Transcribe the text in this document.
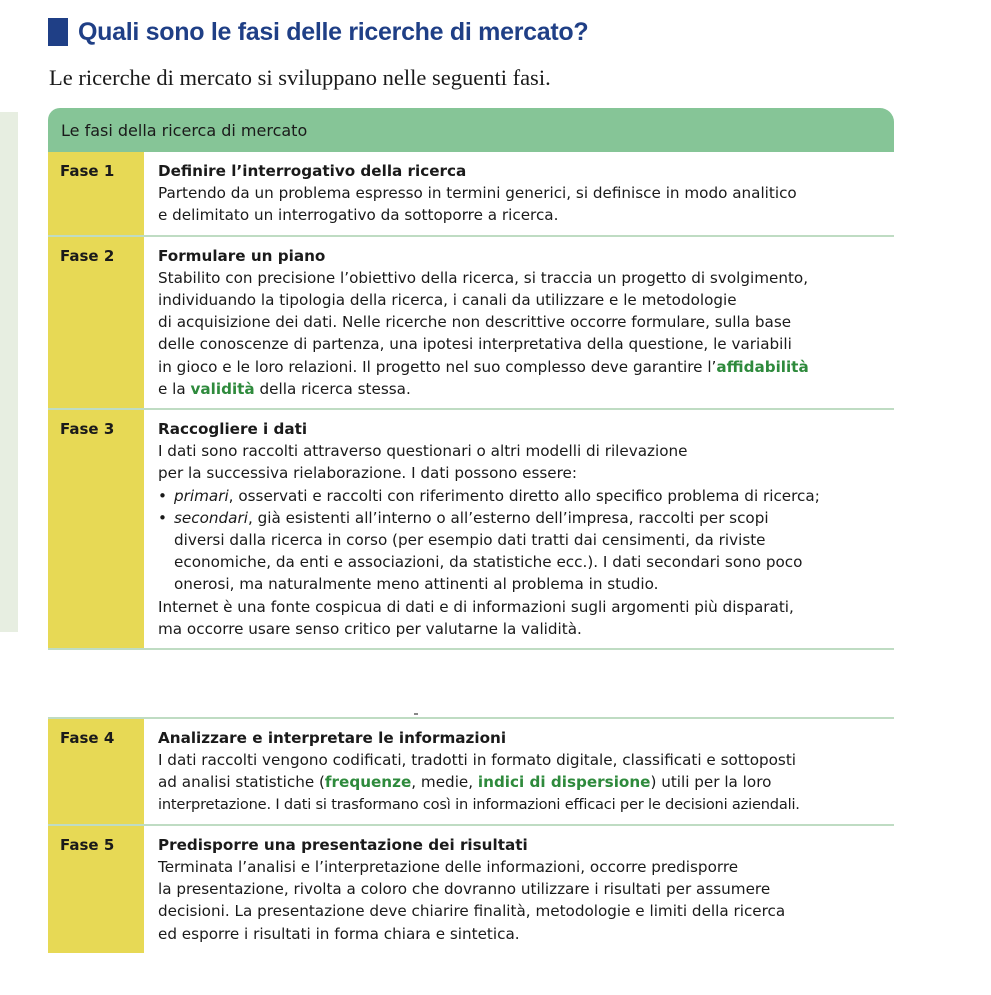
Quali sono le fasi delle ricerche di mercato?
Le ricerche di mercato si sviluppano nelle seguenti fasi.
Le fasi della ricerca di mercato
Fase 1	Definire l’interrogativo della ricerca
Partendo da un problema espresso in termini generici, si definisce in modo analitico
e delimitato un interrogativo da sottoporre a ricerca.
Fase 2	Formulare un piano
Stabilito con precisione l’obiettivo della ricerca, si traccia un progetto di svolgimento,
individuando la tipologia della ricerca, i canali da utilizzare e le metodologie
di acquisizione dei dati. Nelle ricerche non descrittive occorre formulare, sulla base
delle conoscenze di partenza, una ipotesi interpretativa della questione, le variabili
in gioco e le loro relazioni. Il progetto nel suo complesso deve garantire l’affidabilità
e la validità della ricerca stessa.
Fase 3	Raccogliere i dati
I dati sono raccolti attraverso questionari o altri modelli di rilevazione
per la successiva rielaborazione. I dati possono essere:
• primari, osservati e raccolti con riferimento diretto allo specifico problema di ricerca;
• secondari, già esistenti all’interno o all’esterno dell’impresa, raccolti per scopi
diversi dalla ricerca in corso (per esempio dati tratti dai censimenti, da riviste
economiche, da enti e associazioni, da statistiche ecc.). I dati secondari sono poco
onerosi, ma naturalmente meno attinenti al problema in studio.
Internet è una fonte cospicua di dati e di informazioni sugli argomenti più disparati,
ma occorre usare senso critico per valutarne la validità.
Fase 4	Analizzare e interpretare le informazioni
I dati raccolti vengono codificati, tradotti in formato digitale, classificati e sottoposti
ad analisi statistiche (frequenze, medie, indici di dispersione) utili per la loro
interpretazione. I dati si trasformano così in informazioni efficaci per le decisioni aziendali.
Fase 5	Predisporre una presentazione dei risultati
Terminata l’analisi e l’interpretazione delle informazioni, occorre predisporre
la presentazione, rivolta a coloro che dovranno utilizzare i risultati per assumere
decisioni. La presentazione deve chiarire finalità, metodologie e limiti della ricerca
ed esporre i risultati in forma chiara e sintetica.
